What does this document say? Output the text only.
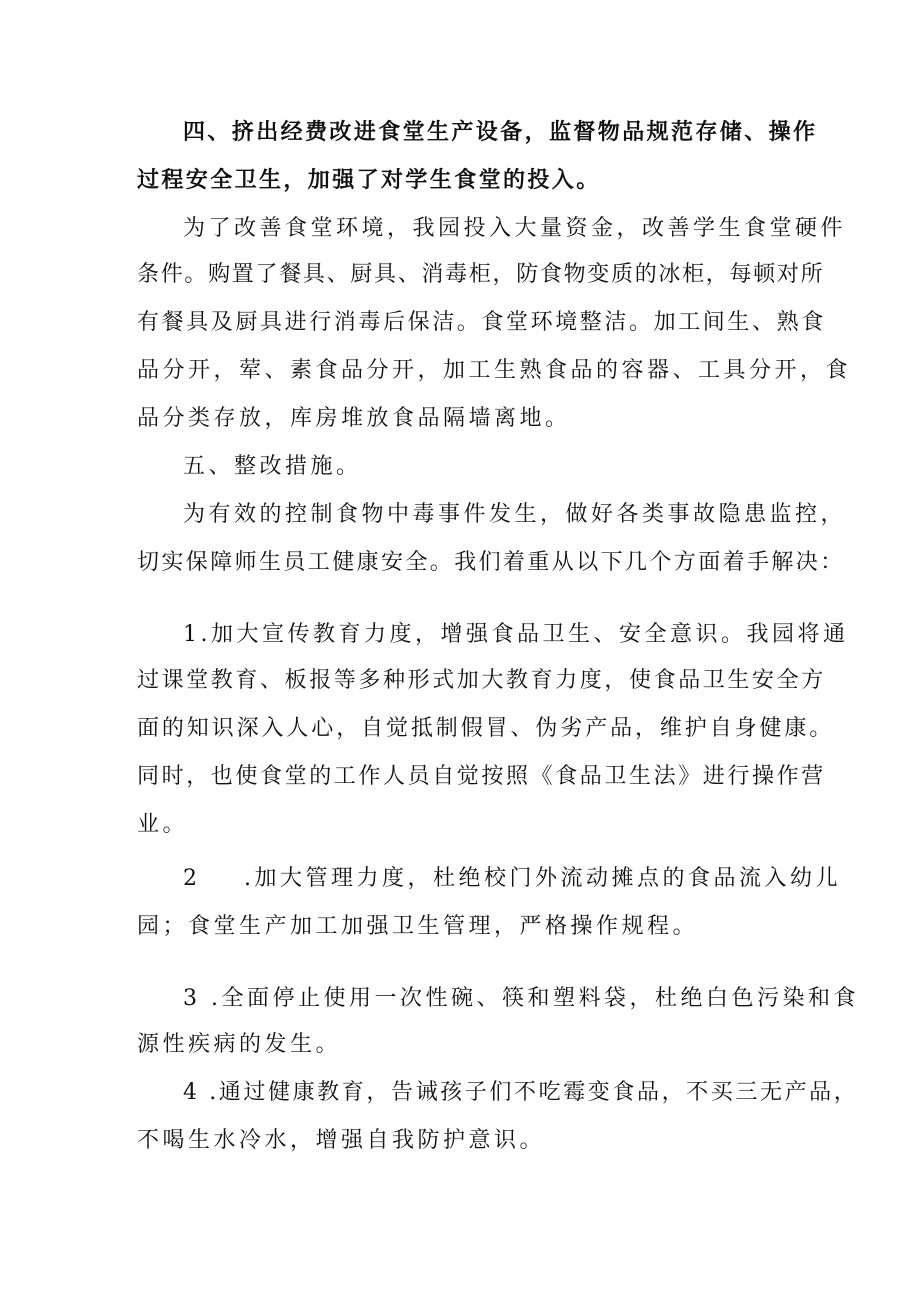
四、挤出经费改进食堂生产设备，监督物品规范存储、操作
过程安全卫生，加强了对学生食堂的投入。
为了改善食堂环境，我园投入大量资金，改善学生食堂硬件
条件。购置了餐具、厨具、消毒柜，防食物变质的冰柜，每顿对所
有餐具及厨具进行消毒后保洁。食堂环境整洁。加工间生、熟食
品分开，荤、素食品分开，加工生熟食品的容器、工具分开，食
品分类存放，库房堆放食品隔墙离地。
五、整改措施。
为有效的控制食物中毒事件发生，做好各类事故隐患监控，
切实保障师生员工健康安全。我们着重从以下几个方面着手解决：
1.加大宣传教育力度，增强食品卫生、安全意识。我园将通
过课堂教育、板报等多种形式加大教育力度，使食品卫生安全方
面的知识深入人心，自觉抵制假冒、伪劣产品，维护自身健康。
同时，也使食堂的工作人员自觉按照《食品卫生法》进行操作营
业。
2 .加大管理力度，杜绝校门外流动摊点的食品流入幼儿
园；食堂生产加工加强卫生管理，严格操作规程。
3 .全面停止使用一次性碗、筷和塑料袋，杜绝白色污染和食
源性疾病的发生。
4 .通过健康教育，告诫孩子们不吃霉变食品，不买三无产品，
不喝生水冷水，增强自我防护意识。
